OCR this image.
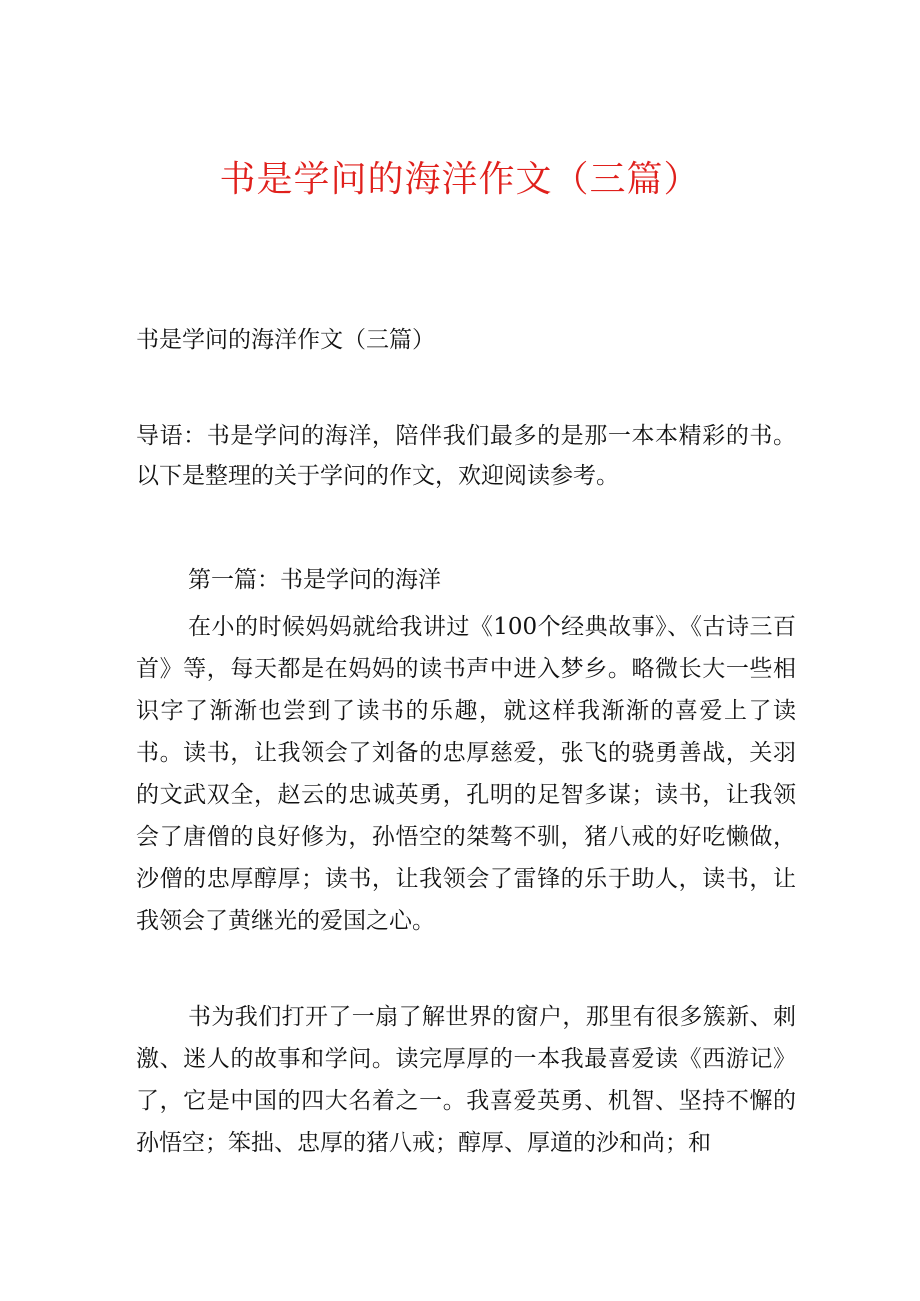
书是学问的海洋作文（三篇）

书是学问的海洋作文（三篇）

导语：书是学问的海洋，陪伴我们最多的是那一本本精彩的书。以下是整理的关于学问的作文，欢迎阅读参考。

第一篇：书是学问的海洋

在小的时候妈妈就给我讲过《100个经典故事》、《古诗三百首》等，每天都是在妈妈的读书声中进入梦乡。略微长大一些相识字了渐渐也尝到了读书的乐趣，就这样我渐渐的喜爱上了读书。读书，让我领会了刘备的忠厚慈爱，张飞的骁勇善战，关羽的文武双全，赵云的忠诚英勇，孔明的足智多谋；读书，让我领会了唐僧的良好修为，孙悟空的桀骜不驯，猪八戒的好吃懒做，沙僧的忠厚醇厚；读书，让我领会了雷锋的乐于助人，读书，让我领会了黄继光的爱国之心。

书为我们打开了一扇了解世界的窗户，那里有很多簇新、刺激、迷人的故事和学问。读完厚厚的一本我最喜爱读《西游记》了，它是中国的四大名着之一。我喜爱英勇、机智、坚持不懈的孙悟空；笨拙、忠厚的猪八戒；醇厚、厚道的沙和尚；和
